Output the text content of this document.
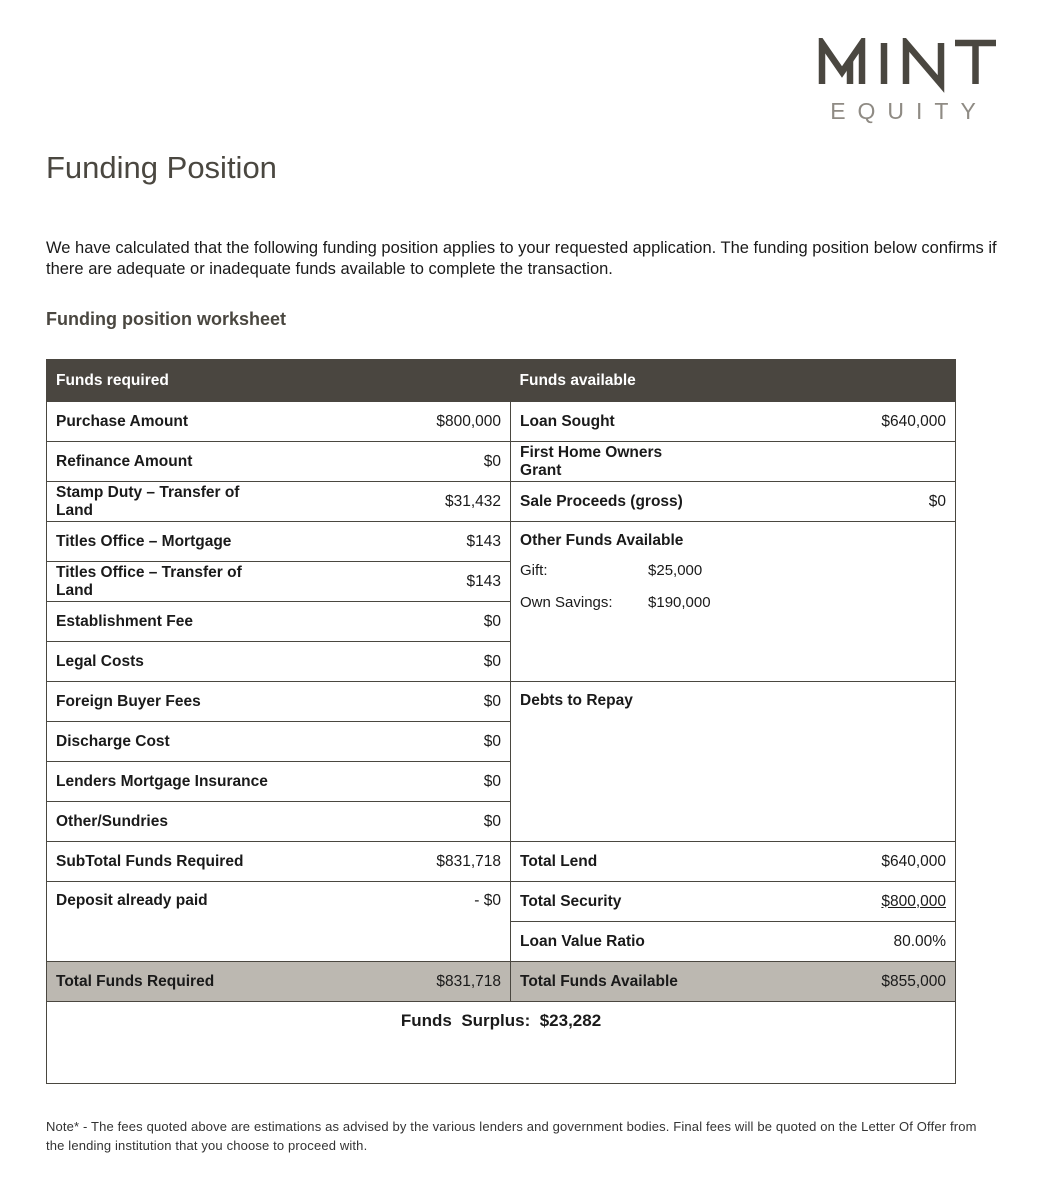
EQUITY
Funding Position

We have calculated that the following funding position applies to your requested application. The funding position below confirms if there are adequate or inadequate funds available to complete the transaction.

Funding position worksheet
Funds required		Funds available	
Purchase Amount	$800,000	Loan Sought	$640,000
Refinance Amount	$0	First Home Owners Grant	
Stamp Duty – Transfer of Land	$31,432	Sale Proceeds (gross)	$0
Titles Office – Mortgage	$143	Other Funds Available
Gift: $25,000
Own Savings: $190,000	

Titles Office – Transfer of Land	$143		
Establishment Fee	$0		
Legal Costs	$0		
Foreign Buyer Fees	$0	Debts to Repay	
Discharge Cost	$0		
Lenders Mortgage Insurance	$0		
Other/Sundries	$0		
SubTotal Funds Required	$831,718	Total Lend	$640,000
Deposit already paid	- $0	Total Security	$800,000
		Loan Value Ratio	80.00%
Total Funds Required	$831,718	Total Funds Available	$855,000
Funds  Surplus:  $23,282			

Note* - The fees quoted above are estimations as advised by the various lenders and government bodies. Final fees will be quoted on the Letter Of Offer from the lending institution that you choose to proceed with.
